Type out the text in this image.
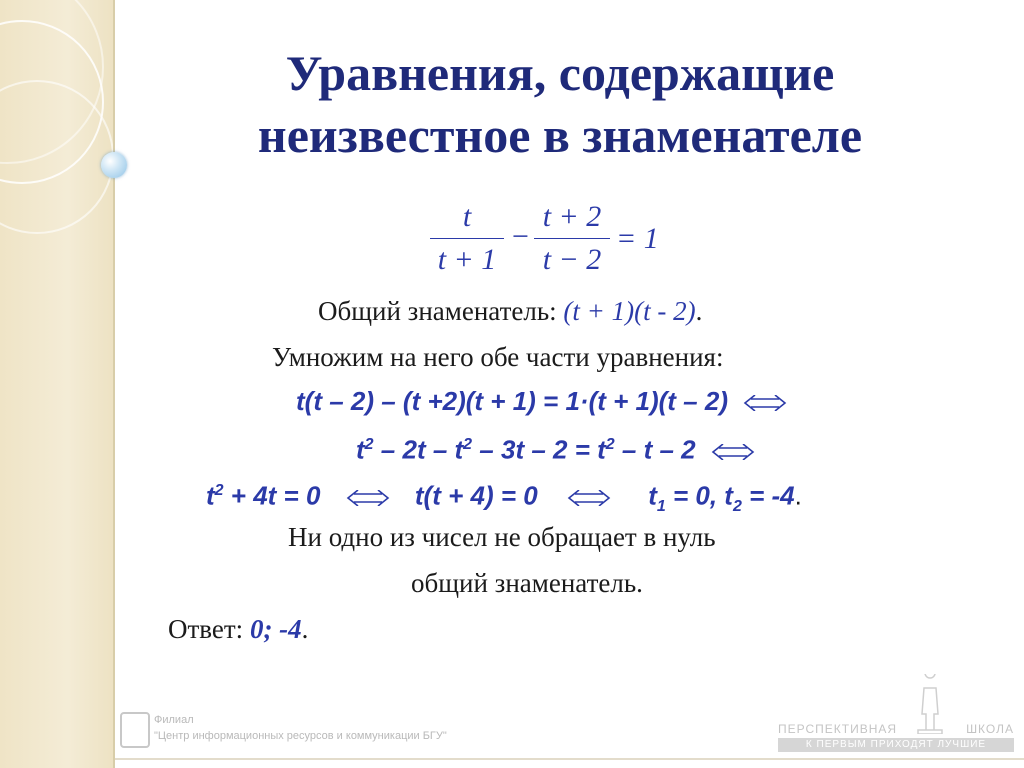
Уравнения, содержащие
неизвестное в знаменателе
t
t + 1
−
t + 2
t − 2
= 1
Общий знаменатель: (t + 1)(t - 2).
Умножим на него обе части уравнения:
t(t – 2) – (t +2)(t + 1) = 1·(t + 1)(t – 2)
$t^2 - 2t - t^2 - 3t - 2 = t^2 - t - 2$
$t^2 + 4t = 0$	t(t + 4) = 0	$t_1 = 0$, $t_2 = -4$.
Ни одно из чисел не обращает в нуль
общий знаменатель.
Ответ: 0; -4.
Филиал
"Центр информационных ресурсов и коммуникации БГУ"	ПЕРСПЕКТИВНАЯ	ШКОЛА
К ПЕРВЫМ ПРИХОДЯТ ЛУЧШИЕ
